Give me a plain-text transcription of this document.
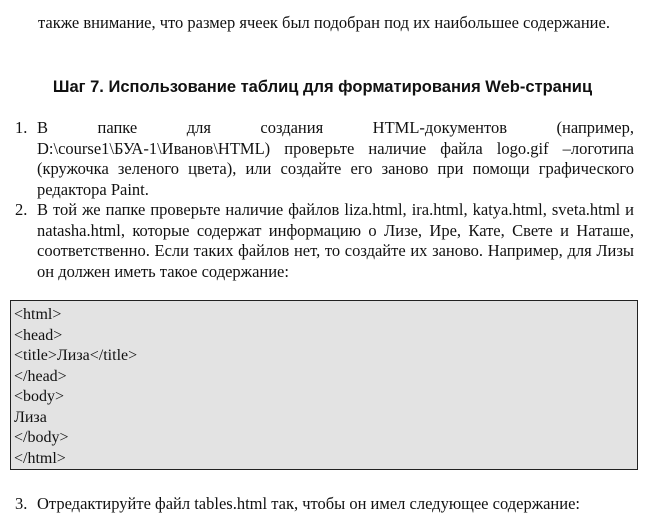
также внимание, что размер ячеек был подобран под их наибольшее содержание.
Шаг 7. Использование таблиц для форматирования Web-страниц
1. В папке для создания HTML-документов (например, D:\course1\БУА-1\Иванов\HTML) проверьте наличие файла logo.gif –логотипа (кружочка зеленого цвета), или создайте его заново при помощи графического редактора Paint.
2. В той же папке проверьте наличие файлов liza.html, ira.html, katya.html, sveta.html и natasha.html, которые содержат информацию о Лизе, Ире, Кате, Свете и Наташе, соответственно. Если таких файлов нет, то создайте их заново. Например, для Лизы он должен иметь такое содержание:
<html>
<head>
<title>Лиза</title>
</head>
<body>
Лиза
</body>
</html>
3. Отредактируйте файл tables.html так, чтобы он имел следующее содержание:
